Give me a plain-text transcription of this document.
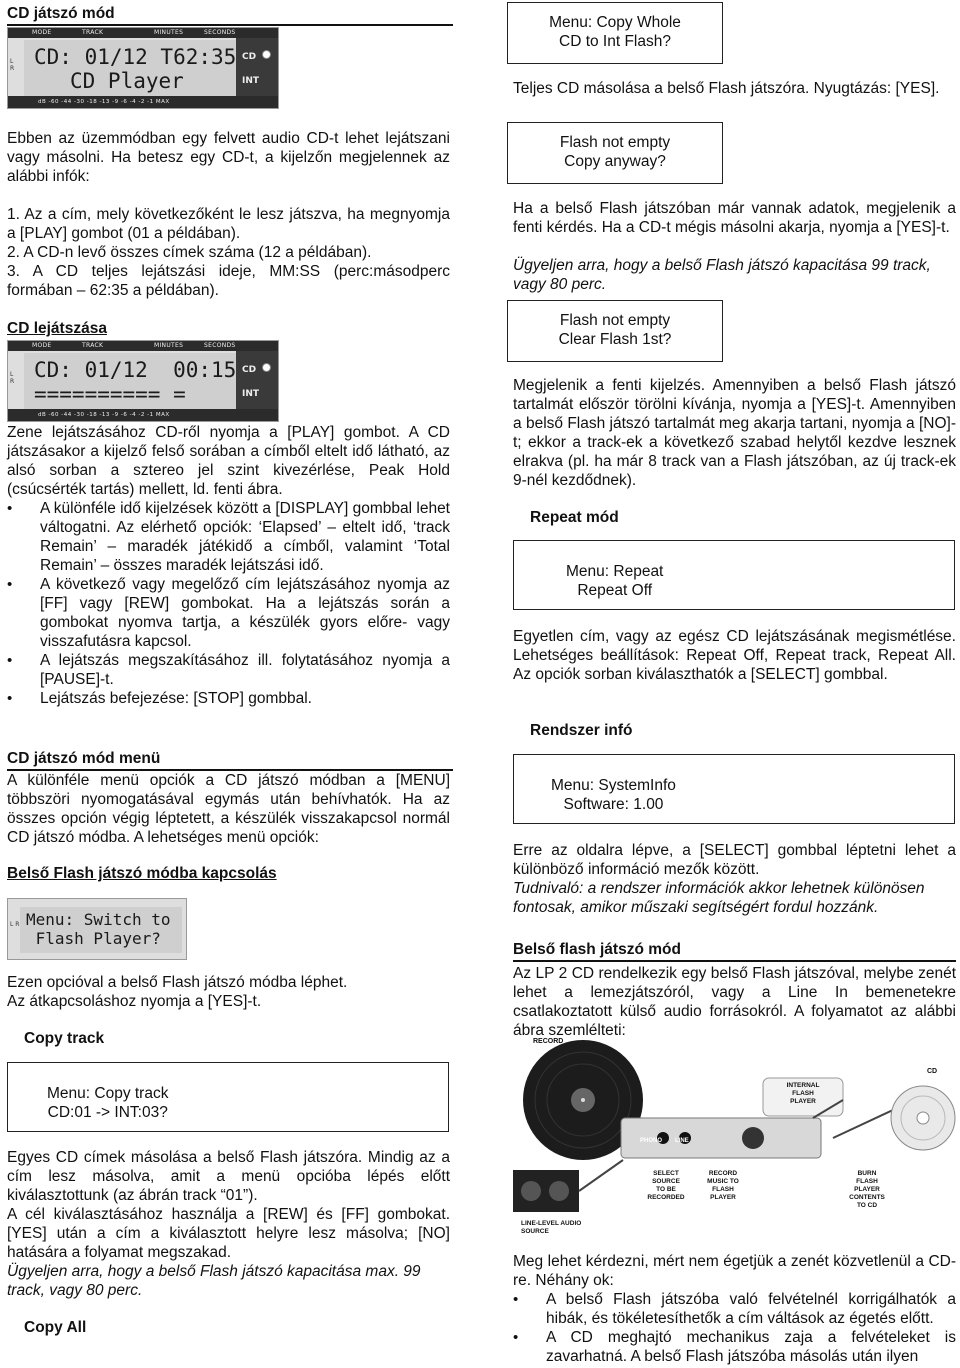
CD játszó mód
MODE	TRACK	MINUTES	SECONDS
L
R CD: 01/12 T62:35
CD Player
CD
INT
dB -60 -44 -30 -18 -13 -9 -6 -4 -2 -1 MAX

Ebben az üzemmódban egy felvett audio CD-t lehet lejátszani vagy másolni. Ha betesz egy CD-t, a kijelzőn megjelennek az alábbi infók:

1. Az a cím, mely következőként le lesz játszva, ha megnyomja a [PLAY] gombot (01 a példában).

2. A CD-n levő összes címek száma (12 a példában).

3. A CD teljes lejátszási ideje, MM:SS (perc:másodperc formában – 62:35 a példában).

CD lejátszása
MODE	TRACK	MINUTES	SECONDS
L
R CD: 01/12  00:15
========== =
CD
INT
dB -60 -44 -30 -18 -13 -9 -6 -4 -2 -1 MAX

Zene lejátszásához CD-ről nyomja a [PLAY] gombot. A CD játszásakor a kijelző felső sorában a címből eltelt idő látható, az alsó sorban a sztereo jel szint kivezérlése, Peak Hold (csúcsérték tartás) mellett, ld. fenti ábra.

• A különféle idő kijelzések között a [DISPLAY] gombbal lehet váltogatni. Az elérhető opciók: ‘Elapsed’ – eltelt idő, ‘track Remain’ – maradék játékidő a címből, valamint ‘Total Remain’ – összes maradék lejátszási idő.
• A következő vagy megelőző cím lejátszásához nyomja az [FF] vagy [REW] gombokat. Ha a lejátszás során a gombokat nyomva tartja, a készülék gyors előre- vagy visszafutásra kapcsol.
• A lejátszás megszakításához ill. folytatásához nyomja a [PAUSE]-t.
• Lejátszás befejezése: [STOP] gombbal.
CD játszó mód menü

A különféle menü opciók a CD játszó módban a [MENU] többszöri nyomogatásával egymás után behívhatók. Ha az összes opción végig léptetett, a készülék visszakapcsol normál CD játszó módba. A lehetséges menü opciók:

Belső Flash játszó módba kapcsolás
L R Menu: Switch to
Flash Player?

Ezen opcióval a belső Flash játszó módba léphet.

Az átkapcsoláshoz nyomja a [YES]-t.

Copy track
Menu: Copy track
CD:01 -> INT:03?

Egyes CD címek másolása a belső Flash játszóra. Mindig az a cím lesz másolva, amit a menü opcióba lépés előtt kiválasztottunk (az ábrán track “01”).

A cél kiválasztásához használja a [REW] és [FF] gombokat. [YES] után a cím a kiválasztott helyre lesz másolva; [NO] hatására a folyamat megszakad.

Ügyeljen arra, hogy a belső Flash játszó kapacitása max. 99 track, vagy 80 perc.

Copy All
Menu: Copy Whole
CD to Int Flash?

Teljes CD másolása a belső Flash játszóra. Nyugtázás: [YES].

Flash not empty
Copy anyway?

Ha a belső Flash játszóban már vannak adatok, megjelenik a fenti kérdés. Ha a CD-t mégis másolni akarja, nyomja a [YES]-t.

Ügyeljen arra, hogy a belső Flash játszó kapacitása 99 track, vagy 80 perc.

Flash not empty
Clear Flash 1st?

Megjelenik a fenti kijelzés. Amennyiben a belső Flash játszó tartalmát először törölni kívánja, nyomja a [YES]-t. Amennyiben a belső Flash játszó tartalmát meg akarja tartani, nyomja a [NO]-t; ekkor a track-ek a következő szabad helytől kezdve lesznek elrakva (pl. ha már 8 track van a Flash játszóban, az új track-ek 9-nél kezdődnek).

Repeat mód
Menu: Repeat
Repeat Off

Egyetlen cím, vagy az egész CD lejátszásának megismétlése. Lehetséges beállítások: Repeat Off, Repeat track, Repeat All. Az opciók sorban kiválaszthatók a [SELECT] gombbal.

Rendszer infó
Menu: SystemInfo
Software: 1.00

Erre az oldalra lépve, a [SELECT] gombbal léptetni lehet a különböző információ mezők között.

Tudnivaló: a rendszer információk akkor lehetnek különösen fontosak, amikor műszaki segítségért fordul hozzánk.

Belső flash játszó mód

Az LP 2 CD rendelkezik egy belső Flash játszóval, melybe zenét lehet a lemezjátszóról, vagy a Line In bemenetekre csatlakoztatott külső audio forrásokról. A folyamatot az alábbi ábra szemlélteti:

RECORD
PHONO LINE
INTERNAL
FLASH
PLAYER
CD
SELECT
SOURCE
TO BE
RECORDED
RECORD
MUSIC TO
FLASH
PLAYER
BURN
FLASH
PLAYER
CONTENTS
TO CD
LINE-LEVEL AUDIO
SOURCE

Meg lehet kérdezni, mért nem égetjük a zenét közvetlenül a CD-re. Néhány ok:

• A belső Flash játszóba való felvételnél korrigálhatók a hibák, és tökéletesíthetők a cím váltások az égetés előtt.
• A CD meghajtó mechanikus zaja a felvételeket is zavarhatná. A belső Flash játszóba másolás után ilyen
